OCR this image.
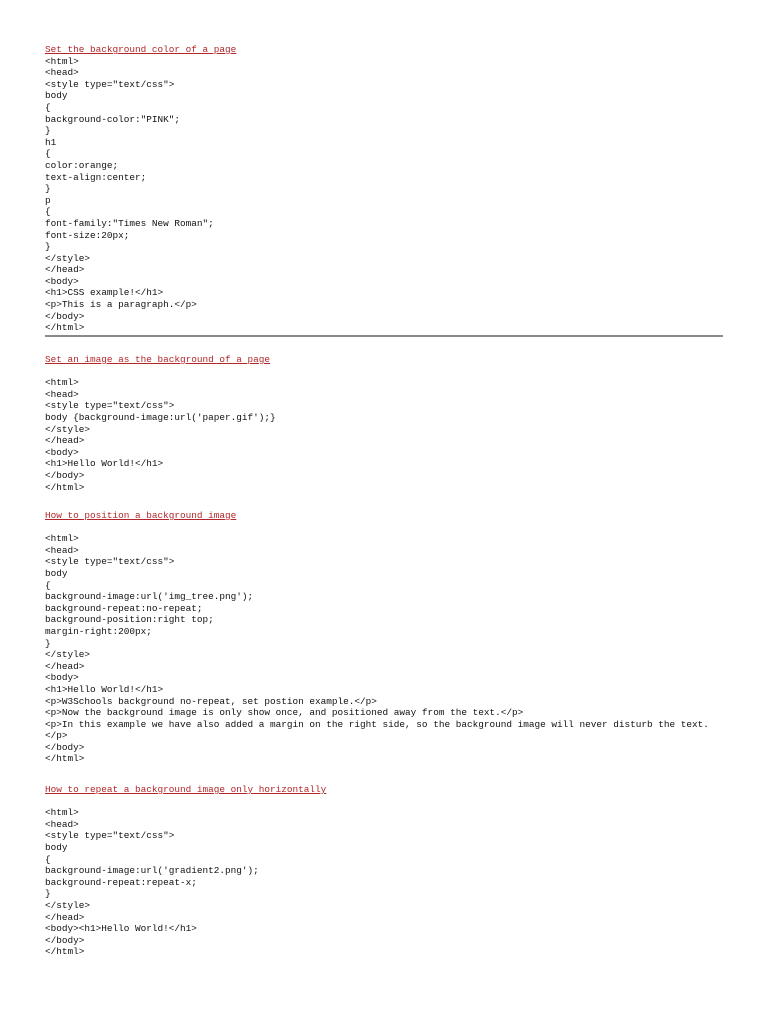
Set the background color of a page
<html>
<head>
<style type="text/css">
body
{
background-color:"PINK";
}
h1
{
color:orange;
text-align:center;
}
p
{
font-family:"Times New Roman";
font-size:20px;
}
</style>
</head>
<body>
<h1>CSS example!</h1>
<p>This is a paragraph.</p>
</body>
</html>
Set an image as the background of a page
<html>
<head>
<style type="text/css">
body {background-image:url('paper.gif');}
</style>
</head>
<body>
<h1>Hello World!</h1>
</body>
</html>
How to position a background image
<html>
<head>
<style type="text/css">
body
{
background-image:url('img_tree.png');
background-repeat:no-repeat;
background-position:right top;
margin-right:200px;
}
</style>
</head>
<body>
<h1>Hello World!</h1>
<p>W3Schools background no-repeat, set postion example.</p>
<p>Now the background image is only show once, and positioned away from the text.</p>
<p>In this example we have also added a margin on the right side, so the background image will never disturb the text.</p>
</body>
</html>
How to repeat a background image only horizontally
<html>
<head>
<style type="text/css">
body
{
background-image:url('gradient2.png');
background-repeat:repeat-x;
}
</style>
</head>
<body><h1>Hello World!</h1>
</body>
</html>
